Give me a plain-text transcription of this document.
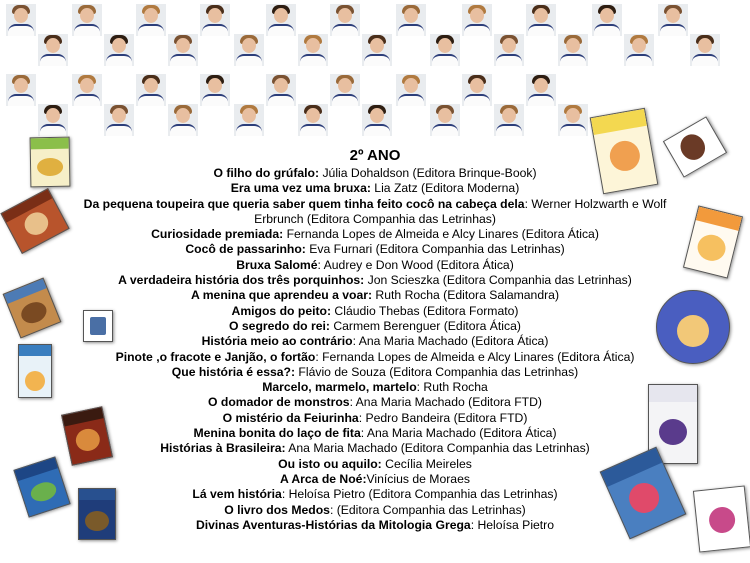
2º ANO
O filho do grúfalo: Júlia Dohaldson (Editora Brinque-Book)
Era uma vez uma bruxa: Lia Zatz (Editora Moderna)
Da pequena toupeira que queria saber quem tinha feito cocô na cabeça dela: Werner Holzwarth e Wolf
Erbrunch (Editora Companhia das Letrinhas)
Curiosidade premiada: Fernanda Lopes de Almeida e Alcy Linares (Editora Ática)
Cocô de passarinho: Eva Furnari (Editora Companhia das Letrinhas)
Bruxa Salomé: Audrey e Don Wood (Editora Ática)
A verdadeira história dos três porquinhos: Jon Scieszka (Editora Companhia das Letrinhas)
A menina que aprendeu a voar: Ruth Rocha (Editora Salamandra)
Amigos do peito: Cláudio Thebas (Editora Formato)
O segredo do rei: Carmem Berenguer (Editora Ática)
História meio ao contrário: Ana Maria Machado (Editora Ática)
Pinote ,o fracote e Janjão, o fortão: Fernanda Lopes de Almeida e Alcy Linares (Editora Ática)
Que história é essa?: Flávio de Souza (Editora Companhia das Letrinhas)
Marcelo, marmelo, martelo: Ruth Rocha
O domador de monstros: Ana Maria Machado (Editora FTD)
O mistério da Feiurinha: Pedro Bandeira (Editora FTD)
Menina bonita do laço de fita: Ana Maria Machado (Editora Ática)
Histórias à Brasileira: Ana Maria Machado (Editora Companhia das Letrinhas)
Ou isto ou aquilo: Cecília Meireles
A Arca de Noé:Vinícius de Moraes
Lá vem história: Heloísa Pietro (Editora Companhia das Letrinhas)
O livro dos Medos: (Editora Companhia das Letrinhas)
Divinas Aventuras-Histórias da Mitologia Grega: Heloísa Pietro
